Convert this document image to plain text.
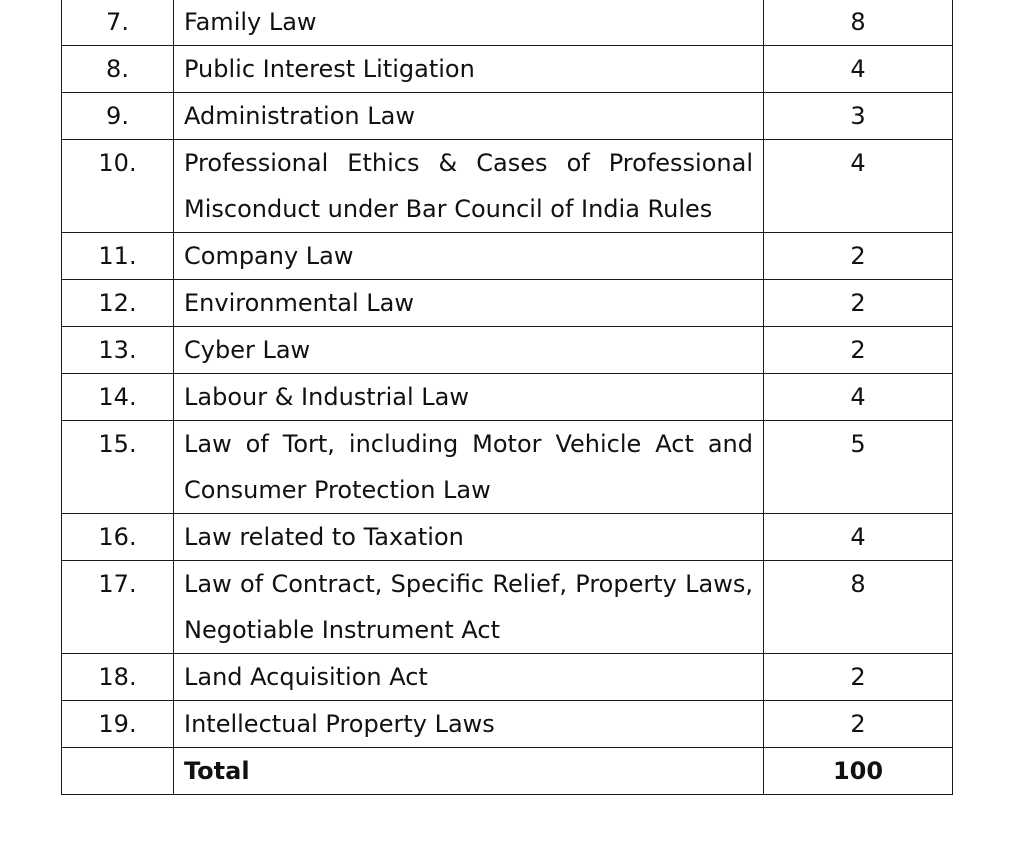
7.	Family Law	8
8.	Public Interest Litigation	4
9.	Administration Law	3
10.	Professional Ethics & Cases of Professional Misconduct under Bar Council of India Rules	4
11.	Company Law	2
12.	Environmental Law	2
13.	Cyber Law	2
14.	Labour & Industrial Law	4
15.	Law of Tort, including Motor Vehicle Act and Consumer Protection Law	5
16.	Law related to Taxation	4
17.	Law of Contract, Specific Relief, Property Laws, Negotiable Instrument Act	8
18.	Land Acquisition Act	2
19.	Intellectual Property Laws	2
	Total	100
